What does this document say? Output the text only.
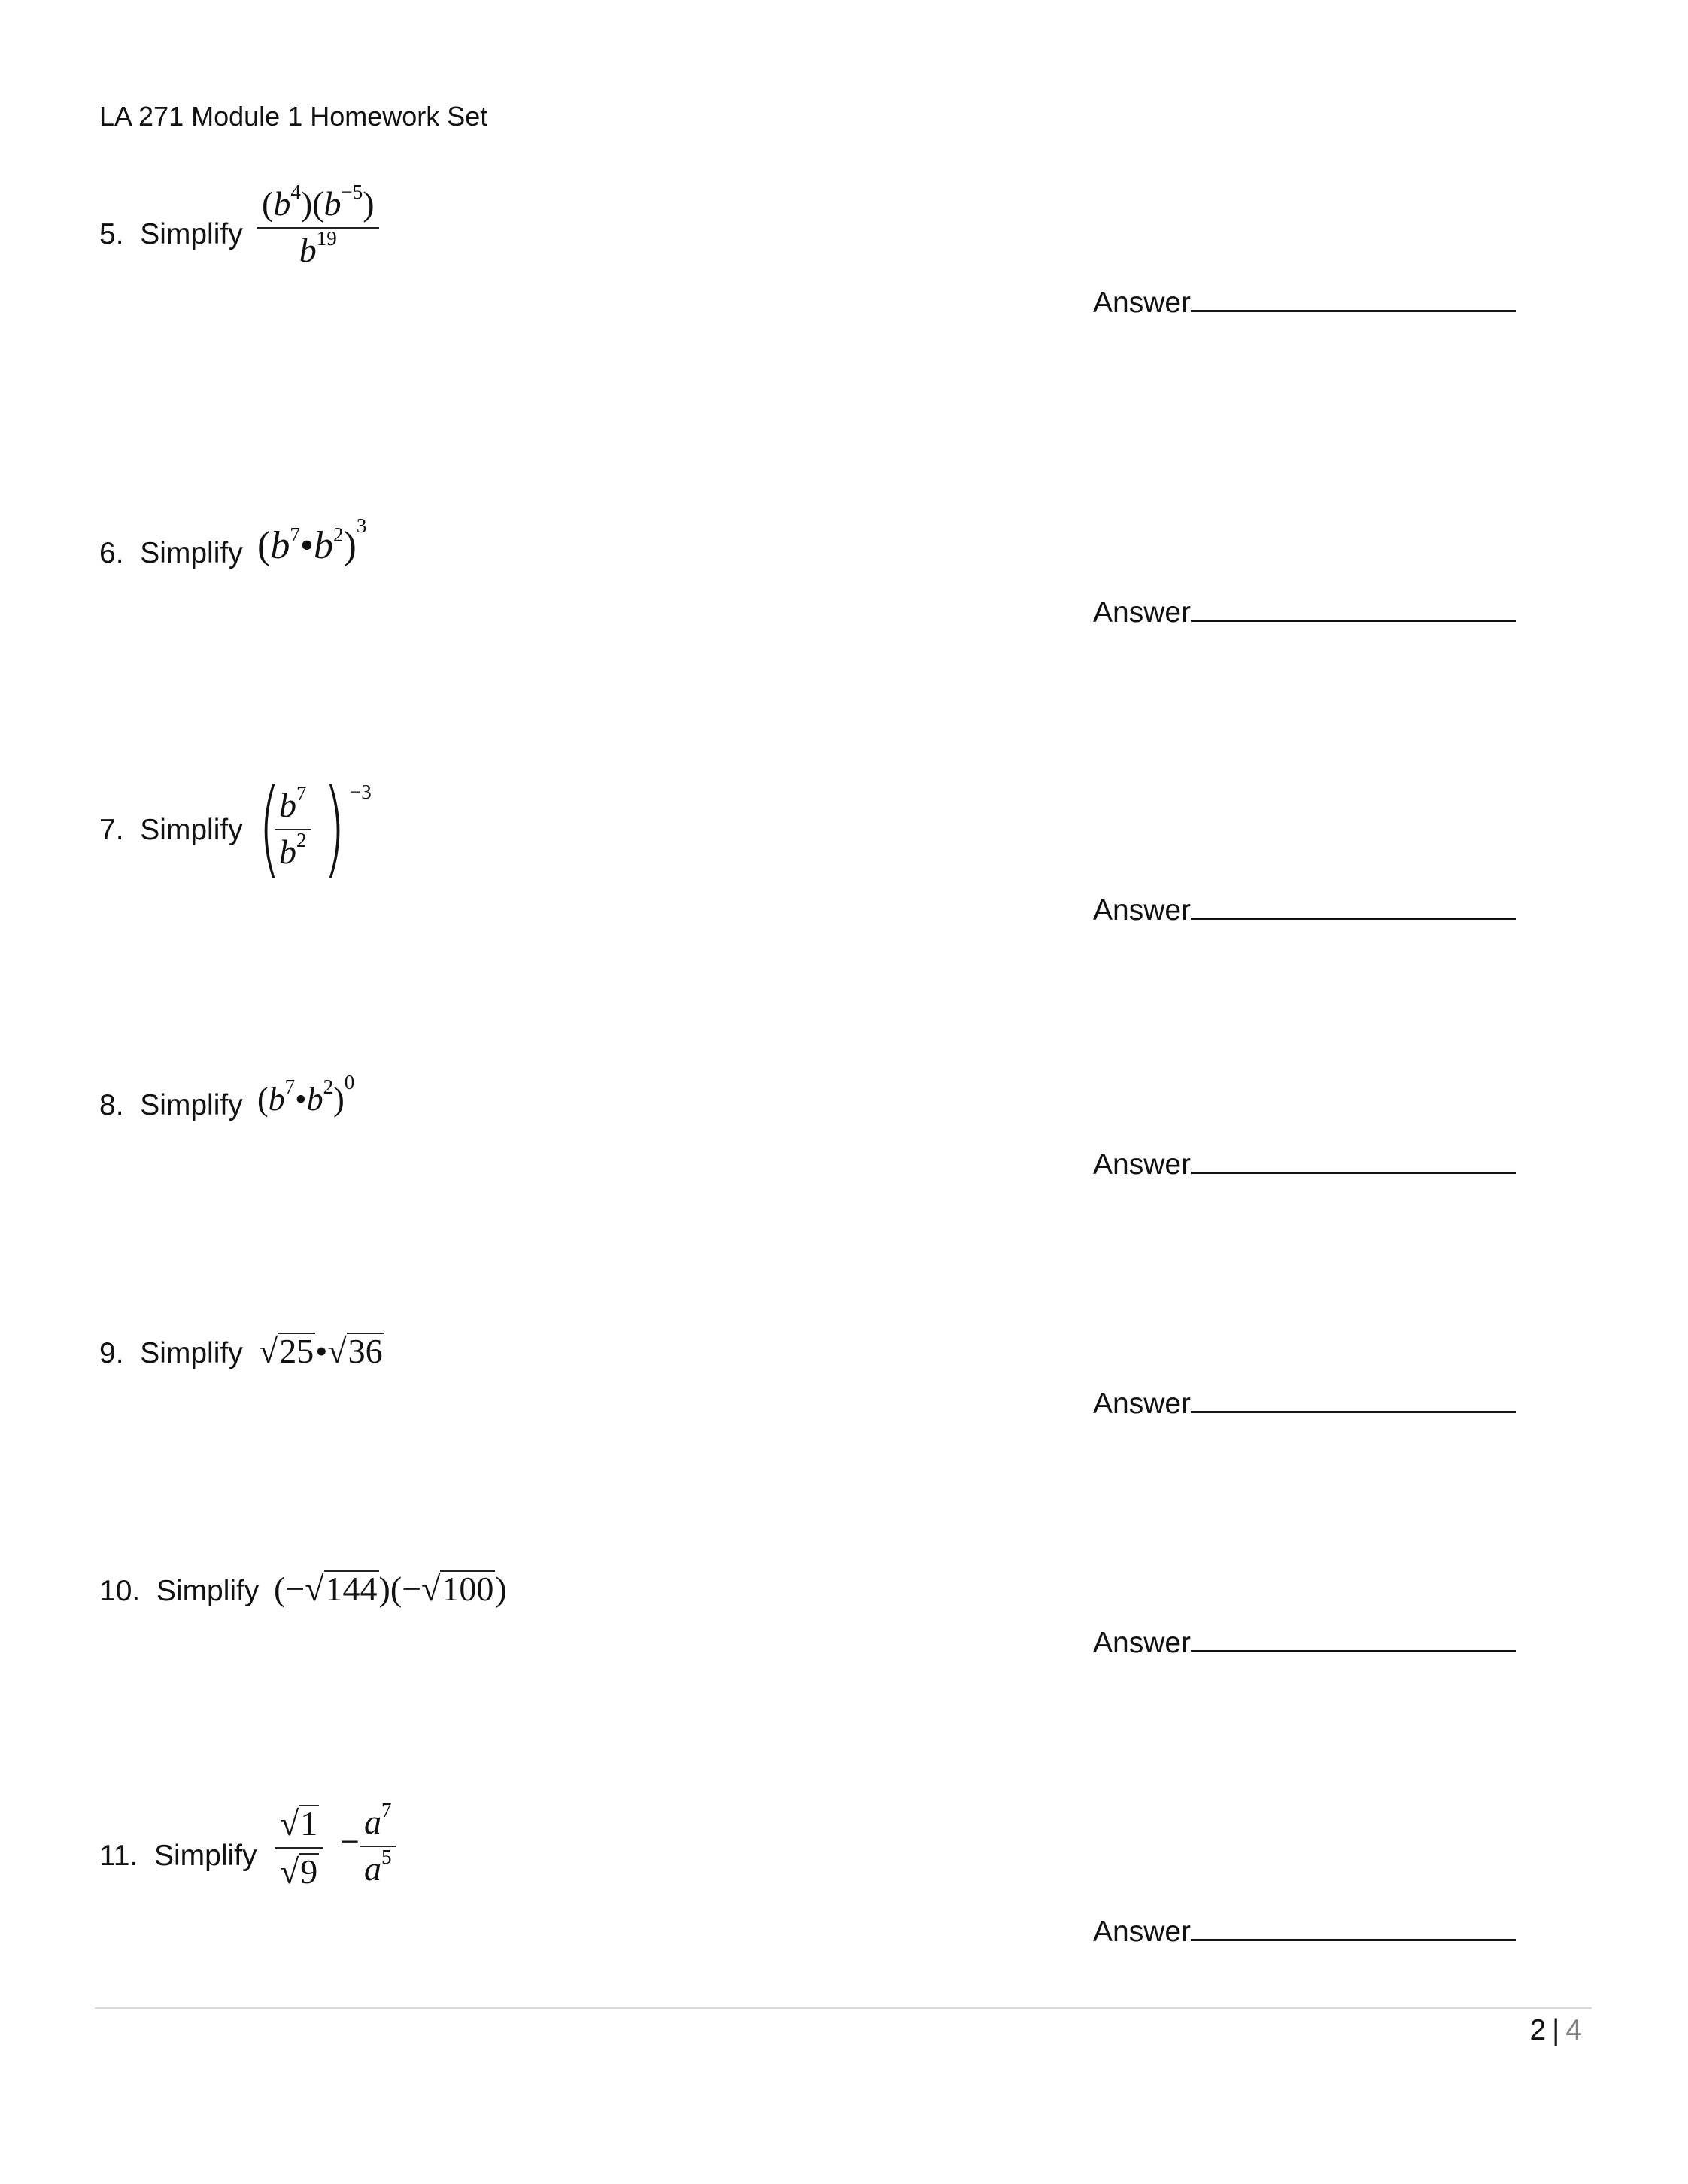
LA 271 Module 1 Homework Set
5. Simplify $\frac{(b^4)(b^{-5})}{b^{19}}$
Answer
6. Simplify $(b^7•b^2)^3$
Answer
7. Simplify (
$\frac{b^7}{b^2}$ ) −3
Answer
8. Simplify $(b^7•b^2)^0$
Answer
9. Simplify √25•√36
Answer
10. Simplify (−√144)(−√100)
Answer
11. Simplify $\frac{√1}{√9} - \frac{a^7}{a^5}$
Answer
2 | 4
